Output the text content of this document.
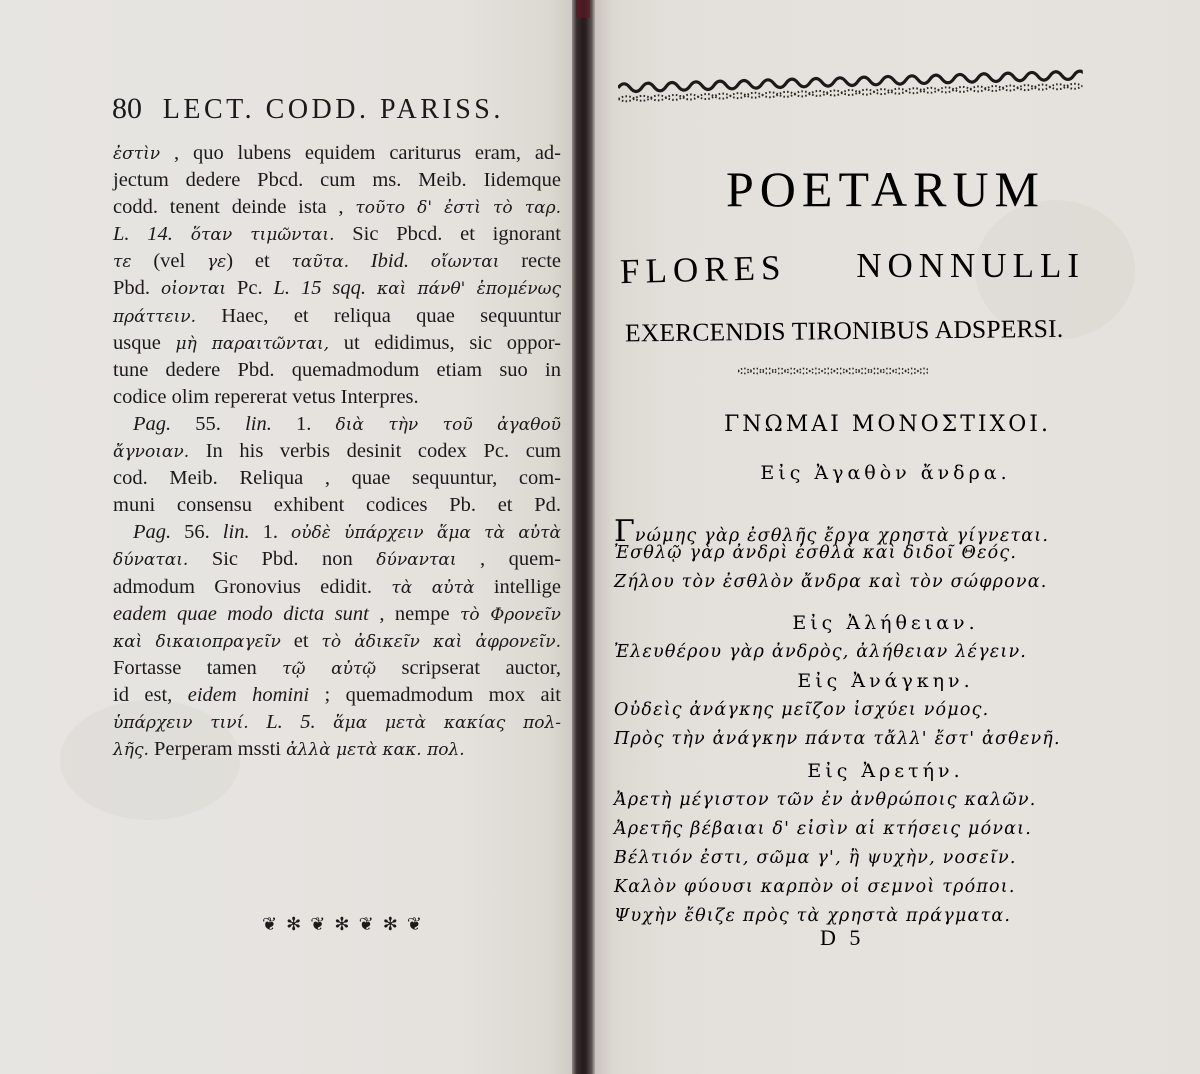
80 LECT. CODD. PARISS.
ἐστὶν , quo lubens equidem cariturus eram, ad-
jectum dedere Pbcd. cum ms. Meib. Iidemque
codd. tenent deinde ista , τοῦτο δ' ἐστὶ τὸ ταρ.
L. 14. ὅταν τιμῶνται. Sic Pbcd. et ignorant
τε (vel γε) et ταῦτα. Ibid. οἴωνται recte
Pbd. οἰονται Pc. L. 15 sqq. καὶ πάνθ' ἑπομένως
πράττειν. Haec, et reliqua quae sequuntur
usque μὴ παραιτῶνται, ut edidimus, sic oppor-
tune dedere Pbd. quemadmodum etiam suo in
codice olim repererat vetus Interpres.
Pag. 55. lin. 1. διὰ τὴν τοῦ ἀγαθοῦ
ἄγνοιαν. In his verbis desinit codex Pc. cum
cod. Meib. Reliqua , quae sequuntur, com-
muni consensu exhibent codices Pb. et Pd.
Pag. 56. lin. 1. οὐδὲ ὑπάρχειν ἅμα τὰ αὐτὰ
δύναται. Sic Pbd. non δύνανται , quem-
admodum Gronovius edidit. τὰ αὐτὰ intellige
eadem quae modo dicta sunt , nempe τὸ Φρονεῖν
καὶ δικαιοπραγεῖν et τὸ ἀδικεῖν καὶ ἀφρονεῖν.
Fortasse tamen τῷ αὐτῷ scripserat auctor,
id est, eidem homini ; quemadmodum mox ait
ὑπάρχειν τινί. L. 5. ἅμα μετὰ κακίας πολ-
λῆς. Perperam mssti ἀλλὰ μετὰ κακ. πολ.
❦ ✻ ❦ ✻ ❦ ✻ ❦
POETARUM
FLORES NONNULLI
EXERCENDIS TIRONIBUS ADSPERSI.
ΓΝΩΜΑΙ ΜΟΝΟΣΤΙΧΟΙ.
Εἰς Ἀγαθὸν ἄνδρα.
Γνώμης γὰρ ἐσθλῆς ἔργα χρηστὰ γίγνεται.
Ἐσθλῷ γὰρ ἀνδρὶ ἐσθλὰ καὶ διδοῖ Θεός.
Ζήλου τὸν ἐσθλὸν ἄνδρα καὶ τὸν σώφρονα.
Εἰς Ἀλήθειαν.
Ἐλευθέρου γὰρ ἀνδρὸς, ἀλήθειαν λέγειν.
Εἰς Ἀνάγκην.
Οὐδεὶς ἀνάγκης μεῖζον ἰσχύει νόμος.
Πρὸς τὴν ἀνάγκην πάντα τἄλλ' ἔστ' ἀσθενῆ.
Εἰς Ἀρετήν.
Ἀρετὴ μέγιστον τῶν ἐν ἀνθρώποις καλῶν.
Ἀρετῆς βέβαιαι δ' εἰσὶν αἱ κτήσεις μόναι.
Βέλτιόν ἐστι, σῶμα γ', ἢ ψυχὴν, νοσεῖν.
Καλὸν φύουσι καρπὸν οἱ σεμνοὶ τρόποι.
Ψυχὴν ἔθιζε πρὸς τὰ χρηστὰ πράγματα.
D 5
